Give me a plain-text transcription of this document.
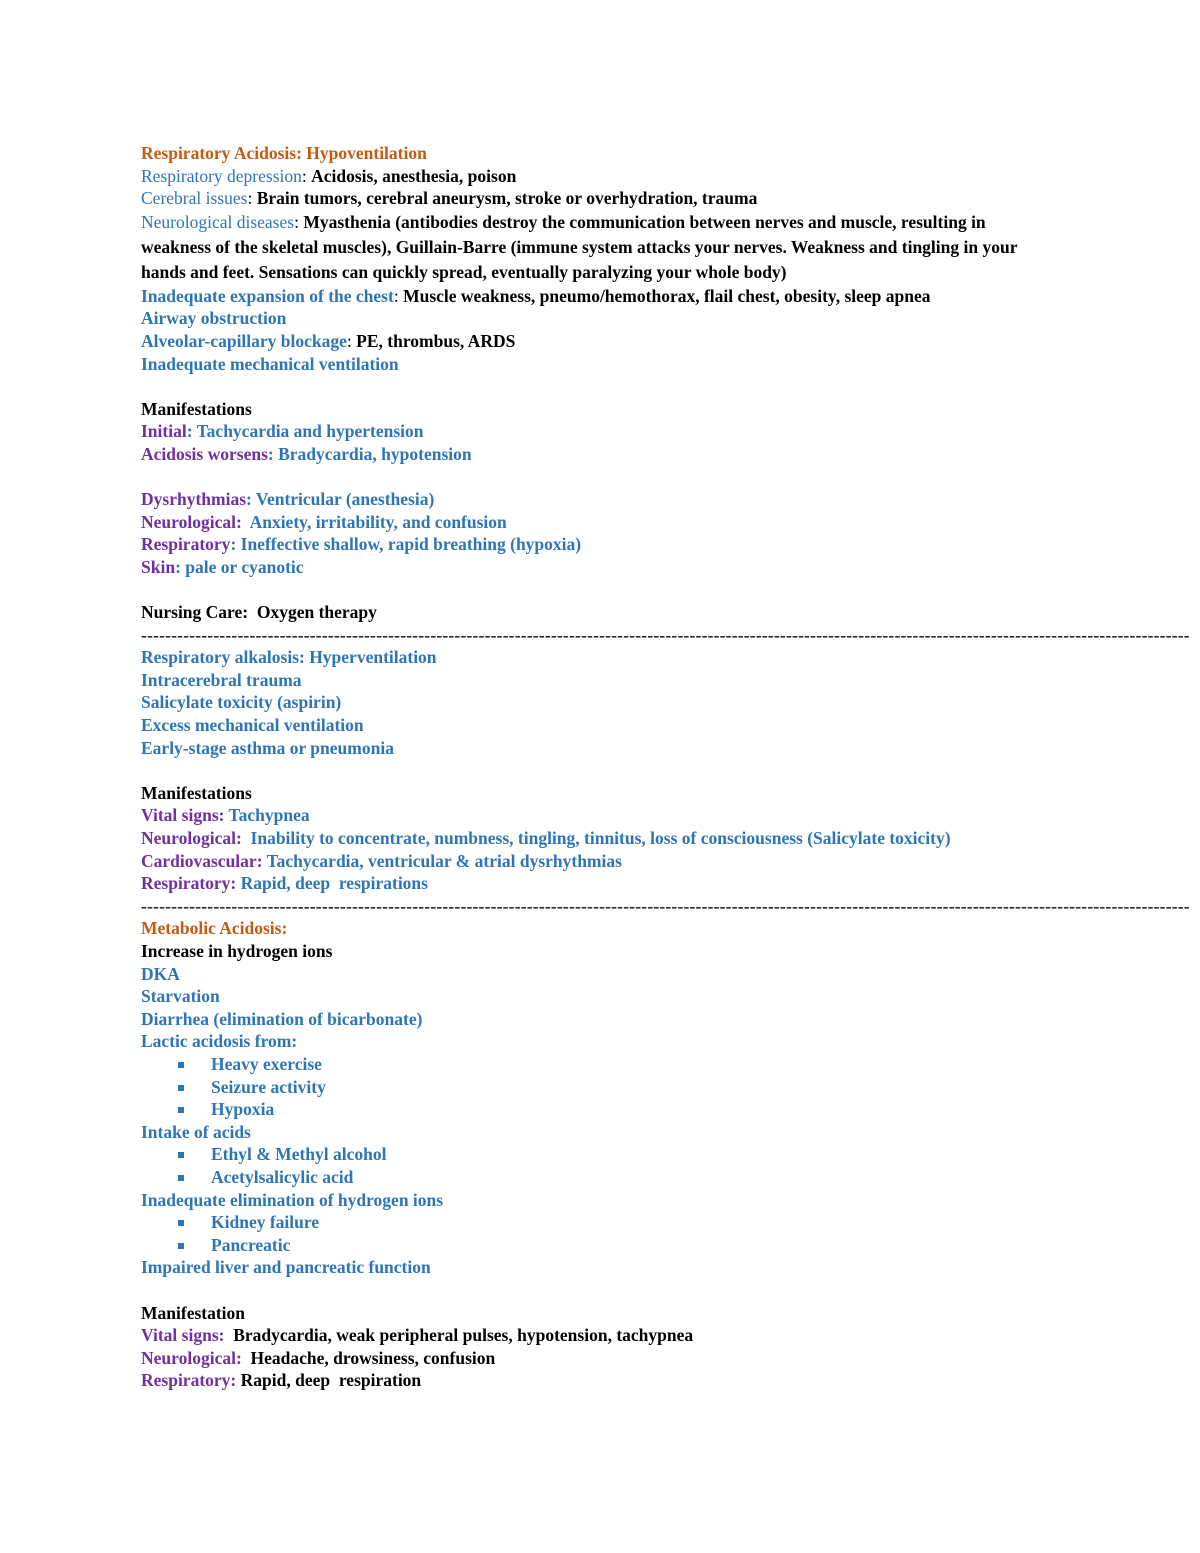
Respiratory Acidosis: Hypoventilation
Respiratory depression: Acidosis, anesthesia, poison
Cerebral issues: Brain tumors, cerebral aneurysm, stroke or overhydration, trauma
Neurological diseases: Myasthenia (antibodies destroy the communication between nerves and muscle, resulting in weakness of the skeletal muscles), Guillain-Barre (immune system attacks your nerves. Weakness and tingling in your hands and feet. Sensations can quickly spread, eventually paralyzing your whole body)
Inadequate expansion of the chest: Muscle weakness, pneumo/hemothorax, flail chest, obesity, sleep apnea
Airway obstruction
Alveolar-capillary blockage: PE, thrombus, ARDS
Inadequate mechanical ventilation
Manifestations
Initial: Tachycardia and hypertension
Acidosis worsens: Bradycardia, hypotension
Dysrhythmias: Ventricular (anesthesia)
Neurological: Anxiety, irritability, and confusion
Respiratory: Ineffective shallow, rapid breathing (hypoxia)
Skin: pale or cyanotic
Nursing Care:  Oxygen therapy
------------------------------------------------------------------------------------------------------------------------------------------------------------------------------
Respiratory alkalosis: Hyperventilation
Intracerebral trauma
Salicylate toxicity (aspirin)
Excess mechanical ventilation
Early-stage asthma or pneumonia
Manifestations
Vital signs: Tachypnea
Neurological: Inability to concentrate, numbness, tingling, tinnitus, loss of consciousness (Salicylate toxicity)
Cardiovascular: Tachycardia, ventricular & atrial dysrhythmias
Respiratory: Rapid, deep  respirations
------------------------------------------------------------------------------------------------------------------------------------------------------------------------------
Metabolic Acidosis:
Increase in hydrogen ions
DKA
Starvation
Diarrhea (elimination of bicarbonate)
Lactic acidosis from:
Heavy exercise
Seizure activity
Hypoxia
Intake of acids
Ethyl & Methyl alcohol
Acetylsalicylic acid
Inadequate elimination of hydrogen ions
Kidney failure
Pancreatic
Impaired liver and pancreatic function
Manifestation
Vital signs: Bradycardia, weak peripheral pulses, hypotension, tachypnea
Neurological: Headache, drowsiness, confusion
Respiratory: Rapid, deep  respiration
